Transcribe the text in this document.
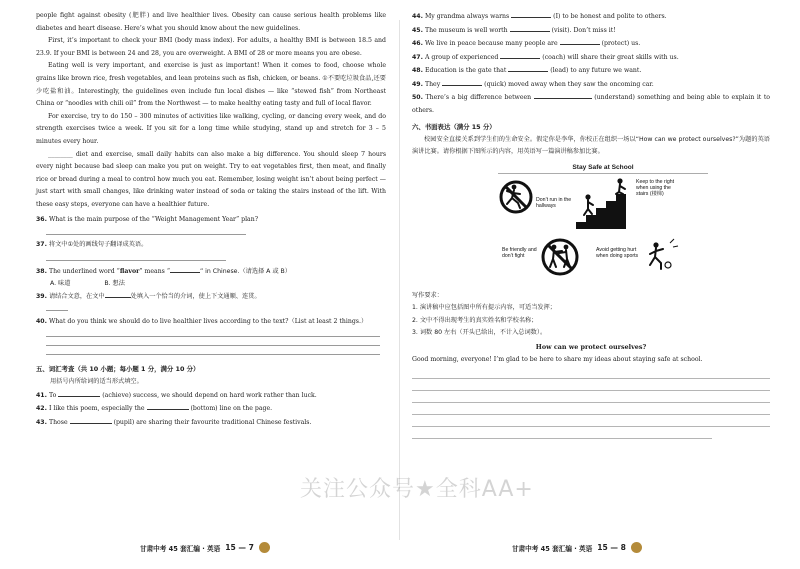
people fight against obesity (肥胖) and live healthier lives. Obesity can cause serious health problems like diabetes and heart disease. Here’s what you should know about the new guidelines.

First, it’s important to check your BMI (body mass index). For adults, a healthy BMI is between 18.5 and 23.9. If your BMI is between 24 and 28, you are overweight. A BMI of 28 or more means you are obese.

Eating well is very important, and exercise is just as important! When it comes to food, choose whole grains like brown rice, fresh vegetables, and lean proteins such as fish, chicken, or beans. ①不要吃垃圾食品,还要少吃盐和油。Interestingly, the guidelines even include fun local dishes — like “stewed fish” from Northeast China or “noodles with chili oil” from the Northwest — to make healthy eating tasty and full of local flavor.

For exercise, try to do 150 – 300 minutes of activities like walking, cycling, or dancing every week, and do strength exercises twice a week. If you sit for a long time while studying, stand up and stretch for 3 – 5 minutes every hour.

________ diet and exercise, small daily habits can also make a big difference. You should sleep 7 hours every night because bad sleep can make you put on weight. Try to eat vegetables first, then meat, and finally rice or bread during a meal to control how much you eat. Remember, losing weight isn’t about being perfect — just start with small changes, like drinking water instead of soda or taking the stairs instead of the lift. With these easy steps, everyone can have a healthier future.

36. What is the main purpose of the “Weight Management Year” plan?

37. 将文中①处的画线句子翻译成英语。

38. The underlined word “flavor” means “	” in Chinese.（请选择 A 或 B）

A. 味道	B. 想法

39. 请结合文意，在文中	处填入一个恰当的介词，使上下文通顺、连贯。

40. What do you think we should do to live healthier lives according to the text?（List at least 2 things.）

五、词汇考查（共 10 小题；每小题 1 分，满分 10 分）

用括号内所给词的适当形式填空。

41. To	(achieve) success, we should depend on hard work rather than luck.

42. I like this poem, especially the	(bottom) line on the page.

43. Those	(pupil) are sharing their favourite traditional Chinese festivals.

甘肃中考 45 套汇编 · 英语 15 — 7

44. My grandma always warns	(I) to be honest and polite to others.

45. The museum is well worth	(visit). Don’t miss it!

46. We live in peace because many people are	(protect) us.

47. A group of experienced	(coach) will share their great skills with us.

48. Education is the gate that	(lead) to any future we want.

49. They	(quick) moved away when they saw the oncoming car.

50. There’s a big difference between	(understand) something and being able to explain it to others.

六、书面表达（满分 15 分）

校园安全直接关系到学生们的生命安全。假定你是李华，你校正在组织一场以“How can we protect ourselves?”为题的英语演讲比赛。请你根据下图所示的内容，用英语写一篇演讲稿参加比赛。

Stay Safe at School
Don’t run in the hallways
Keep to the right when using the stairs (楼梯)
Be friendly and don’t fight
Avoid getting hurt when doing sports

写作要求：

1. 演讲稿中应包括图中所有提示内容，可适当发挥；

2. 文中不得出现考生的真实姓名和学校名称；

3. 词数 80 左右（开头已给出，不计入总词数）。

How can we protect ourselves?

Good morning, everyone! I’m glad to be here to share my ideas about staying safe at school.

甘肃中考 45 套汇编 · 英语 15 — 8
关注公众号★全科AA+
